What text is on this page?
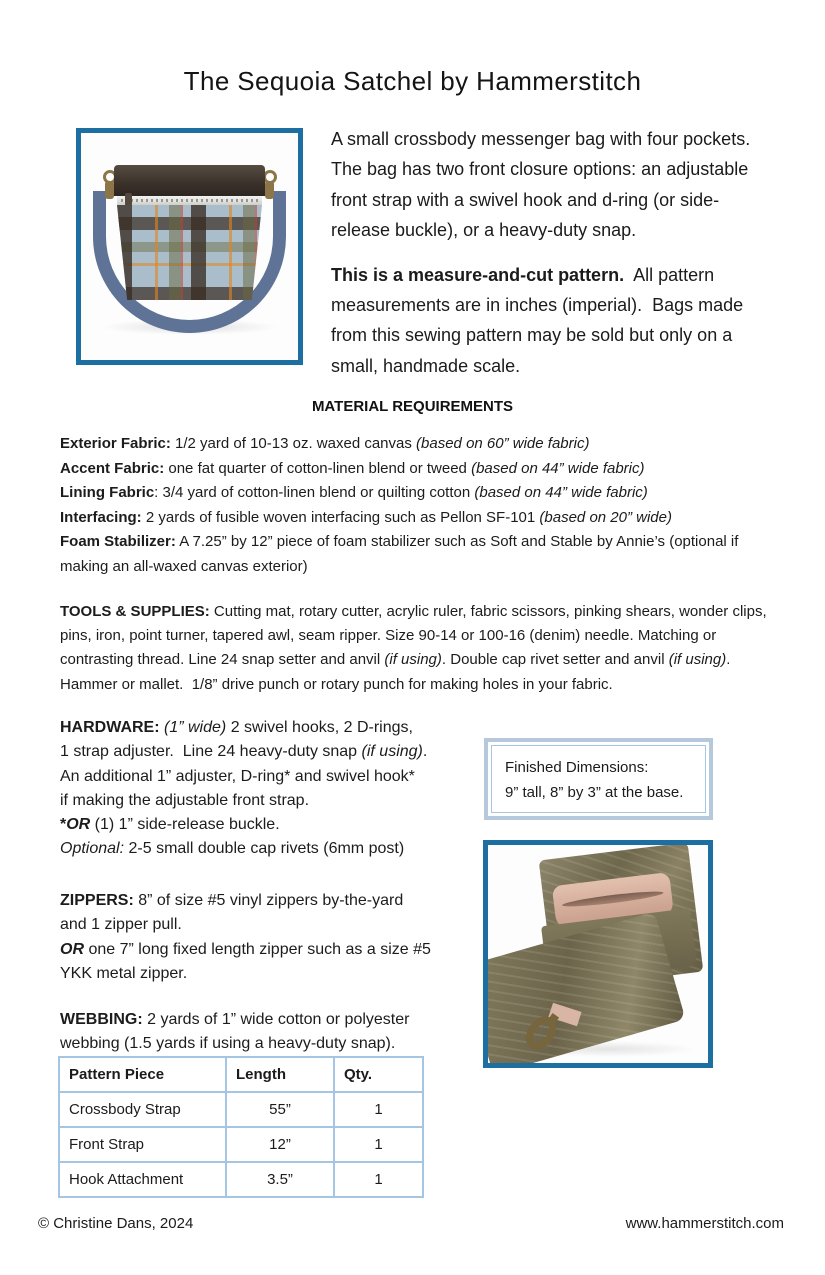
The Sequoia Satchel by Hammerstitch
A small crossbody messenger bag with four pockets.
The bag has two front closure options: an adjustable
front strap with a swivel hook and d-ring (or side-
release buckle), or a heavy-duty snap.
This is a measure-and-cut pattern.  All pattern
measurements are in inches (imperial).  Bags made
from this sewing pattern may be sold but only on a
small, handmade scale.
MATERIAL REQUIREMENTS
Exterior Fabric: 1/2 yard of 10-13 oz. waxed canvas (based on 60” wide fabric)
Accent Fabric: one fat quarter of cotton-linen blend or tweed (based on 44” wide fabric)
Lining Fabric: 3/4 yard of cotton-linen blend or quilting cotton (based on 44” wide fabric)
Interfacing: 2 yards of fusible woven interfacing such as Pellon SF-101 (based on 20” wide)
Foam Stabilizer: A 7.25” by 12” piece of foam stabilizer such as Soft and Stable by Annie’s (optional if
making an all-waxed canvas exterior)
TOOLS & SUPPLIES: Cutting mat, rotary cutter, acrylic ruler, fabric scissors, pinking shears, wonder clips,
pins, iron, point turner, tapered awl, seam ripper. Size 90-14 or 100-16 (denim) needle. Matching or
contrasting thread. Line 24 snap setter and anvil (if using). Double cap rivet setter and anvil (if using).
Hammer or mallet.  1/8” drive punch or rotary punch for making holes in your fabric.
HARDWARE: (1” wide) 2 swivel hooks, 2 D-rings,
1 strap adjuster.  Line 24 heavy-duty snap (if using).
An additional 1” adjuster, D-ring* and swivel hook*
if making the adjustable front strap.
*OR (1) 1” side-release buckle.
Optional: 2-5 small double cap rivets (6mm post)
Finished Dimensions:
9” tall, 8” by 3” at the base.
ZIPPERS: 8” of size #5 vinyl zippers by-the-yard
and 1 zipper pull.
OR one 7” long fixed length zipper such as a size #5
YKK metal zipper.
WEBBING: 2 yards of 1” wide cotton or polyester
webbing (1.5 yards if using a heavy-duty snap).
Pattern Piece	Length	Qty.
Crossbody Strap	55”	1
Front Strap	12”	1
Hook Attachment	3.5”	1
© Christine Dans, 2024	www.hammerstitch.com
